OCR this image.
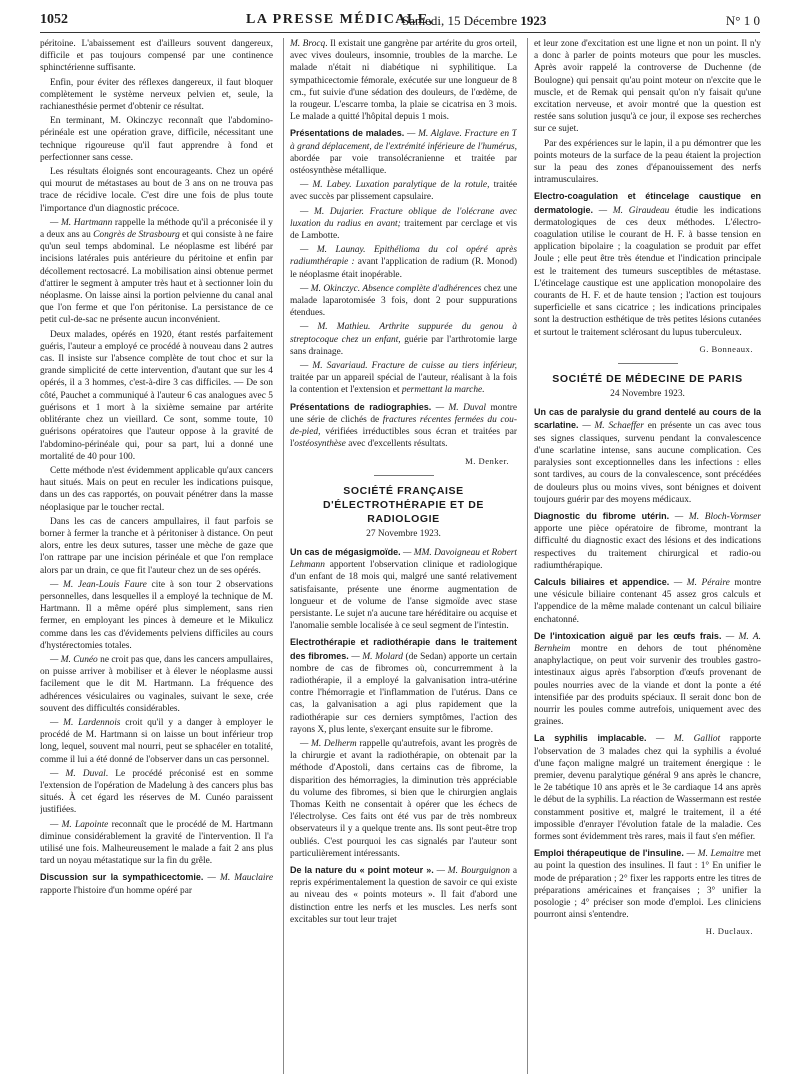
1052	LA PRESSE MÉDICALE,
Samedi, 15 Décembre 1923	N° 1 0

péritoine. L'abaissement est d'ailleurs souvent dangereux, difficile et pas toujours compensé par une continence sphinctérienne suffisante.

Enfin, pour éviter des réflexes dangereux, il faut bloquer complètement le système nerveux pelvien et, seule, la rachianesthésie permet d'obtenir ce résultat.

En terminant, M. Okinczyc reconnaît que l'abdomino-périnéale est une opération grave, difficile, nécessitant une technique rigoureuse qu'il faut apprendre à fond et perfectionner sans cesse.

Les résultats éloignés sont encourageants. Chez un opéré qui mourut de métastases au bout de 3 ans on ne trouva pas trace de récidive locale. C'est dire une fois de plus toute l'importance d'un diagnostic précoce.

— M. Hartmann rappelle la méthode qu'il a préconisée il y a deux ans au Congrès de Strasbourg et qui consiste à ne faire qu'un seul temps abdominal. Le néoplasme est libéré par incisions latérales puis antérieure du péritoine et enfin par décollement rectosacré. La mobilisation ainsi obtenue permet d'attirer le segment à amputer très haut et à sectionner loin du néoplasme. On laisse ainsi la portion pelvienne du canal anal que l'on ferme et que l'on péritonise. La persistance de ce petit cul-de-sac ne présente aucun inconvénient.

Deux malades, opérés en 1920, étant restés parfaitement guéris, l'auteur a employé ce procédé à nouveau dans 2 autres cas. Il insiste sur l'absence complète de tout choc et sur la grande simplicité de cette intervention, d'autant que sur les 4 opérés, il a 3 hommes, c'est-à-dire 3 cas difficiles. — De son côté, Pauchet a communiqué à l'auteur 6 cas analogues avec 5 guérisons et 1 mort à la sixième semaine par artérite oblitérante chez un vieillard. Ce sont, somme toute, 10 guérisons opératoires que l'auteur oppose à la gravité de l'abdomino-périnéale qui, pour sa part, lui a donné une mortalité de 40 pour 100.

Cette méthode n'est évidemment applicable qu'aux cancers haut situés. Mais on peut en reculer les indications puisque, dans un des cas rapportés, on pouvait pénétrer dans la masse néoplasique par le toucher rectal.

Dans les cas de cancers ampullaires, il faut parfois se borner à fermer la tranche et à péritoniser à distance. On peut alors, entre les deux sutures, tasser une mèche de gaze que l'on rattrape par une incision périnéale et que l'on remplace alors par un drain, ce que fit l'auteur chez un de ses opérés.

— M. Jean-Louis Faure cite à son tour 2 observations personnelles, dans lesquelles il a employé la technique de M. Hartmann. Il a même opéré plus simplement, sans rien fermer, en employant les pinces à demeure et le Mikulicz comme dans les cas d'évidements pelviens difficiles au cours d'hystérectomies totales.

— M. Cunéo ne croit pas que, dans les cancers ampullaires, on puisse arriver à mobiliser et à élever le néoplasme aussi facilement que le dit M. Hartmann. La fréquence des adhérences vésiculaires ou vaginales, suivant le sexe, crée souvent des difficultés considérables.

— M. Lardennois croit qu'il y a danger à employer le procédé de M. Hartmann si on laisse un bout inférieur trop long, lequel, souvent mal nourri, peut se sphacéler en totalité, comme il lui a été donné de l'observer dans un cas personnel.

— M. Duval. Le procédé préconisé est en somme l'extension de l'opération de Madelung à des cancers plus bas situés. À cet égard les réserves de M. Cunéo paraissent justifiées.

— M. Lapointe reconnaît que le procédé de M. Hartmann diminue considérablement la gravité de l'intervention. Il l'a utilisé une fois. Malheureusement le malade a fait 2 ans plus tard un noyau métastatique sur la fin du grêle.

Discussion sur la sympathicectomie. — M. Mauclaire rapporte l'histoire d'un homme opéré par

M. Brocq. Il existait une gangrène par artérite du gros orteil, avec vives douleurs, insomnie, troubles de la marche. Le malade n'était ni diabétique ni syphilitique. La sympathicectomie fémorale, exécutée sur une longueur de 8 cm., fut suivie d'une sédation des douleurs, de l'œdème, de la rougeur. L'escarre tomba, la plaie se cicatrisa en 3 mois. Le malade a quitté l'hôpital depuis 1 mois.

Présentations de malades. — M. Alglave. Fracture en T à grand déplacement, de l'extrémité inférieure de l'humérus, abordée par voie transolécranienne et traitée par ostéosynthèse métallique.

— M. Labey. Luxation paralytique de la rotule, traitée avec succès par plissement capsulaire.

— M. Dujarier. Fracture oblique de l'olécrane avec luxation du radius en avant; traitement par cerclage et vis de Lambotte.

— M. Launay. Epithélioma du col opéré après radiumthérapie : avant l'application de radium (R. Monod) le néoplasme était inopérable.

— M. Okinczyc. Absence complète d'adhérences chez une malade laparotomisée 3 fois, dont 2 pour suppurations étendues.

— M. Mathieu. Arthrite suppurée du genou à streptocoque chez un enfant, guérie par l'arthrotomie large sans drainage.

— M. Savariaud. Fracture de cuisse au tiers inférieur, traitée par un appareil spécial de l'auteur, réalisant à la fois la contention et l'extension et permettant la marche.

Présentations de radiographies. — M. Duval montre une série de clichés de fractures récentes fermées du cou-de-pied, vérifiées irréductibles sous écran et traitées par l'ostéosynthèse avec d'excellents résultats.

M. Denker.

SOCIÉTÉ FRANÇAISE D'ÉLECTROTHÉRAPIE ET DE RADIOLOGIE
27 Novembre 1923.

Un cas de mégasigmoïde. — MM. Davoigneau et Robert Lehmann apportent l'observation clinique et radiologique d'un enfant de 18 mois qui, malgré une santé relativement satisfaisante, présente une énorme augmentation de longueur et de volume de l'anse sigmoïde avec stase persistante. Le sujet n'a aucune tare héréditaire ou acquise et l'anomalie semble localisée à ce seul segment de l'intestin.

Electrothérapie et radiothérapie dans le traitement des fibromes. — M. Molard (de Sedan) apporte un certain nombre de cas de fibromes où, concurremment à la radiothérapie, il a employé la galvanisation intra-utérine contre l'hémorragie et l'inflammation de l'utérus. Dans ce cas, la galvanisation a agi plus rapidement que la radiothérapie sur ces derniers symptômes, l'action des rayons X, plus lente, s'exerçant ensuite sur le fibrome.

— M. Delherm rappelle qu'autrefois, avant les progrès de la chirurgie et avant la radiothérapie, on obtenait par la méthode d'Apostoli, dans certains cas de fibrome, la disparition des hémorragies, la diminution très appréciable du volume des fibromes, si bien que le chirurgien anglais Thomas Keith ne consentait à opérer que les échecs de l'électrolyse. Ces faits ont été vus par de très nombreux observateurs il y a quelque trente ans. Ils sont peut-être trop oubliés. C'est pourquoi les cas signalés par l'auteur sont particulièrement intéressants.

De la nature du « point moteur ». — M. Bourguignon a repris expérimentalement la question de savoir ce qui existe au niveau des « points moteurs ». Il fait d'abord une distinction entre les nerfs et les muscles. Les nerfs sont excitables sur tout leur trajet

et leur zone d'excitation est une ligne et non un point. Il n'y a donc à parler de points moteurs que pour les muscles. Après avoir rappelé la controverse de Duchenne (de Boulogne) qui pensait qu'au point moteur on n'excite que le muscle, et de Remak qui pensait qu'on n'y faisait qu'une excitation nerveuse, et avoir montré que la question est restée sans solution jusqu'à ce jour, il expose ses recherches sur ce sujet.

Par des expériences sur le lapin, il a pu démontrer que les points moteurs de la surface de la peau étaient la projection sur la peau des zones d'épanouissement des nerfs intramusculaires.

Electro-coagulation et étincelage caustique en dermatologie. — M. Giraudeau étudie les indications dermatologiques de ces deux méthodes. L'électro-coagulation utilise le courant de H. F. à basse tension en application bipolaire ; la coagulation se produit par effet Joule ; elle peut être très étendue et l'indication principale est le traitement des tumeurs susceptibles de métastase. L'étincelage caustique est une application monopolaire des courants de H. F. et de haute tension ; l'action est toujours superficielle et sans cicatrice ; les indications principales sont la destruction esthétique de très petites lésions cutanées et surtout le traitement sclérosant du lupus tuberculeux.

G. Bonneaux.

SOCIÉTÉ DE MÉDECINE DE PARIS
24 Novembre 1923.

Un cas de paralysie du grand dentelé au cours de la scarlatine. — M. Schaeffer en présente un cas avec tous ses signes classiques, survenu pendant la convalescence d'une scarlatine intense, sans aucune complication. Ces paralysies sont exceptionnelles dans les infections : elles sont tardives, au cours de la convalescence, sont précédées de douleurs plus ou moins vives, sont bénignes et doivent toujours guérir par des moyens médicaux.

Diagnostic du fibrome utérin. — M. Bloch-Vormser apporte une pièce opératoire de fibrome, montrant la difficulté du diagnostic exact des lésions et des indications respectives du traitement chirurgical et radio-ou radiumthérapique.

Calculs biliaires et appendice. — M. Péraire montre une vésicule biliaire contenant 45 assez gros calculs et l'appendice de la même malade contenant un calcul biliaire enchatonné.

De l'intoxication aiguë par les œufs frais. — M. A. Bernheim montre en dehors de tout phénomène anaphylactique, on peut voir survenir des troubles gastro-intestinaux aigus après l'absorption d'œufs provenant de poules nourries avec de la viande et dont la ponte a été intensifiée par des produits spéciaux. Il serait donc bon de nourrir les poules comme autrefois, uniquement avec des graines.

La syphilis implacable. — M. Galliot rapporte l'observation de 3 malades chez qui la syphilis a évolué d'une façon maligne malgré un traitement énergique : le premier, devenu paralytique général 9 ans après le chancre, le 2e tabétique 10 ans après et le 3e cardiaque 14 ans après le début de la syphilis. La réaction de Wassermann est restée constamment positive et, malgré le traitement, il a été impossible d'enrayer l'évolution fatale de la maladie. Ces formes sont évidemment très rares, mais il faut s'en méfier.

Emploi thérapeutique de l'insuline. — M. Lemaitre met au point la question des insulines. Il faut : 1° En unifier le mode de préparation ; 2° fixer les rapports entre les titres de préparations américaines et françaises ; 3° unifier la posologie ; 4° préciser son mode d'emploi. Les cliniciens pourront ainsi s'entendre.

H. Duclaux.
